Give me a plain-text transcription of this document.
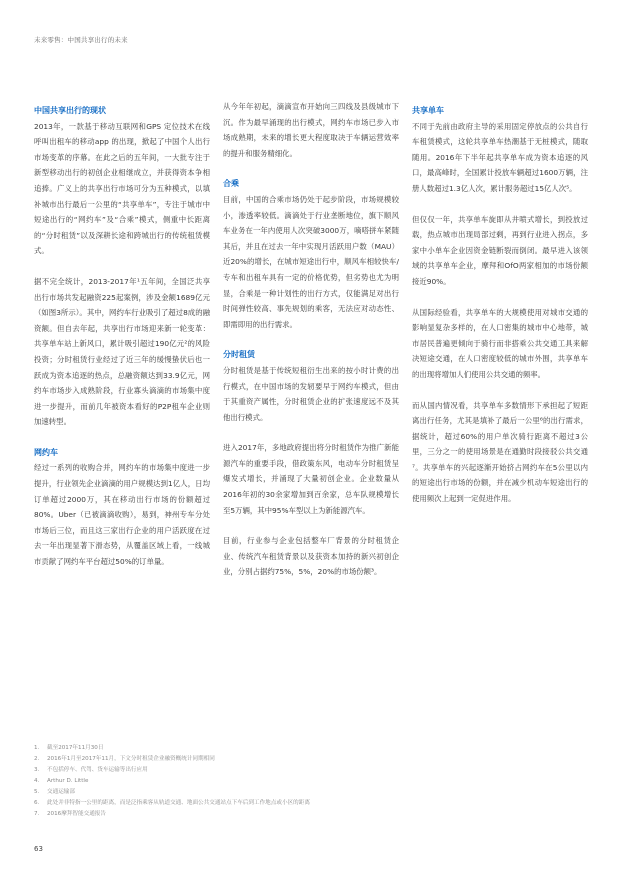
未来零售：中国共享出行的未来
中国共享出行的现状

2013年，一款基于移动互联网和GPS 定位技术在线呼叫出租车的移动app 的出现，掀起了中国个人出行市场变革的序幕。在此之后的五年间，一大批专注于新型移动出行的初创企业相继成立，并获得资本争相追捧。广义上的共享出行市场可分为五种模式，以填补城市出行最后一公里的“共享单车”，专注于城市中短途出行的“网约车”及“合乘”模式，侧重中长距离的“分时租赁”以及深耕长途和跨城出行的传统租赁模式。

据不完全统计，2013-2017年¹五年间，全国泛共享出行市场共发起融资225起案例，涉及金额1689亿元（如图3所示）。其中，网约车行业吸引了超过8成的融资额。但自去年起，共享出行市场迎来新一轮变革：共享单车站上新风口，累计吸引超过190亿元²的风险投资；分时租赁行业经过了近三年的缓慢蛰伏后也一跃成为资本追逐的热点，总融资额达到33.9亿元，网约车市场步入成熟阶段，行业寡头滴滴的市场集中度进一步提升，而前几年被资本看好的P2P租车企业则加速转型。

网约车

经过一系列的收购合并，网约车的市场集中度进一步提升，行业领先企业滴滴的用户规模达到1亿人，日均订单超过2000万，其在移动出行市场的份额超过80%。Uber（已被滴滴收购），易到，神州专车分处市场后三位，而且这三家出行企业的用户活跃度在过去一年出现显著下滑态势，从覆盖区域上看，一线城市贡献了网约车平台超过50%的订单量。

从今年年初起，滴滴宣布开始向三四线及县级城市下沉。作为最早涌现的出行模式，网约车市场已步入市场成熟期，未来的增长更大程度取决于车辆运营效率的提升和服务精细化。

合乘

目前，中国的合乘市场仍处于起步阶段，市场规模较小，渗透率较低。滴滴处于行业垄断地位，旗下顺风车业务在一年内使用人次突破3000万，嘀嗒拼车紧随其后，并且在过去一年中实现月活跃用户数（MAU）近20%的增长，在城市短途出行中，顺风车相较快车/专车和出租车具有一定的价格优势，但劣势也尤为明显，合乘是一种计划性的出行方式，仅能满足对出行时间弹性较高、事先规划的乘客，无法应对动态性、即需即用的出行需求。

分时租赁

分时租赁是基于传统短租衍生出来的按小时计费的出行模式，在中国市场的发轫要早于网约车模式，但由于其重资产属性，分时租赁企业的扩张速度远不及其他出行模式。

进入2017年，多地政府提出将分时租赁作为推广新能源汽车的重要手段，借政策东风，电动车分时租赁呈爆发式增长，并涌现了大量初创企业。企业数量从2016年初的30余家增加到百余家，总车队规模增长至5万辆，其中95%车型以上为新能源汽车。

目前，行业参与企业包括整车厂背景的分时租赁企业、传统汽车租赁背景以及获资本加持的新兴初创企业，分别占据约75%，5%，20%的市场份额³。

共享单车

不同于先前由政府主导的采用固定停放点的公共自行车租赁模式，这轮共享单车热潮基于无桩模式，随取随用。2016年下半年起共享单车成为资本追逐的风口，最高峰时，全国累计投放车辆超过1600万辆，注册人数超过1.3亿人次，累计服务超过15亿人次⁵。

但仅仅一年，共享单车旋即从井喷式增长，到投放过载，热点城市出现局部过剩，再到行业进入拐点，多家中小单车企业因资金链断裂而倒闭。最早进入该领域的共享单车企业，摩拜和OfO两家相加的市场份额接近90%。

从国际经验看，共享单车的大规模使用对城市交通的影响显复杂多样的，在人口密集的城市中心地带，城市居民普遍更倾向于骑行而非搭乘公共交通工具来解决短途交通，在人口密度较低的城市外围，共享单车的出现将增加人们使用公共交通的频率。

而从国内情况看，共享单车多数情形下承担起了短距离出行任务，尤其是填补了最后一公里⁶的出行需求，据统计，超过60%的用户单次骑行距离不超过3公里，三分之一的使用场景是在通勤时段接驳公共交通⁷。共享单车的兴起逐渐开始挤占网约车在5公里以内的短途出行市场的份额，并在减少机动车短途出行的使用频次上起到一定促进作用。

1.	截至2017年11月30日
2.	2016年1月至2017年11月，下文分时租赁企业融资概统计同期相同
3.	不包括停车、代驾、货车运输等出行应用
4.	Arthur D. Little
5.	交通运输部
6.	此处并非特指一公里的距离，而是泛指乘客从轨道交通、地面公共交通站点下车后到工作地点或小区的距离
7.	2016摩拜智能交通报告
63
